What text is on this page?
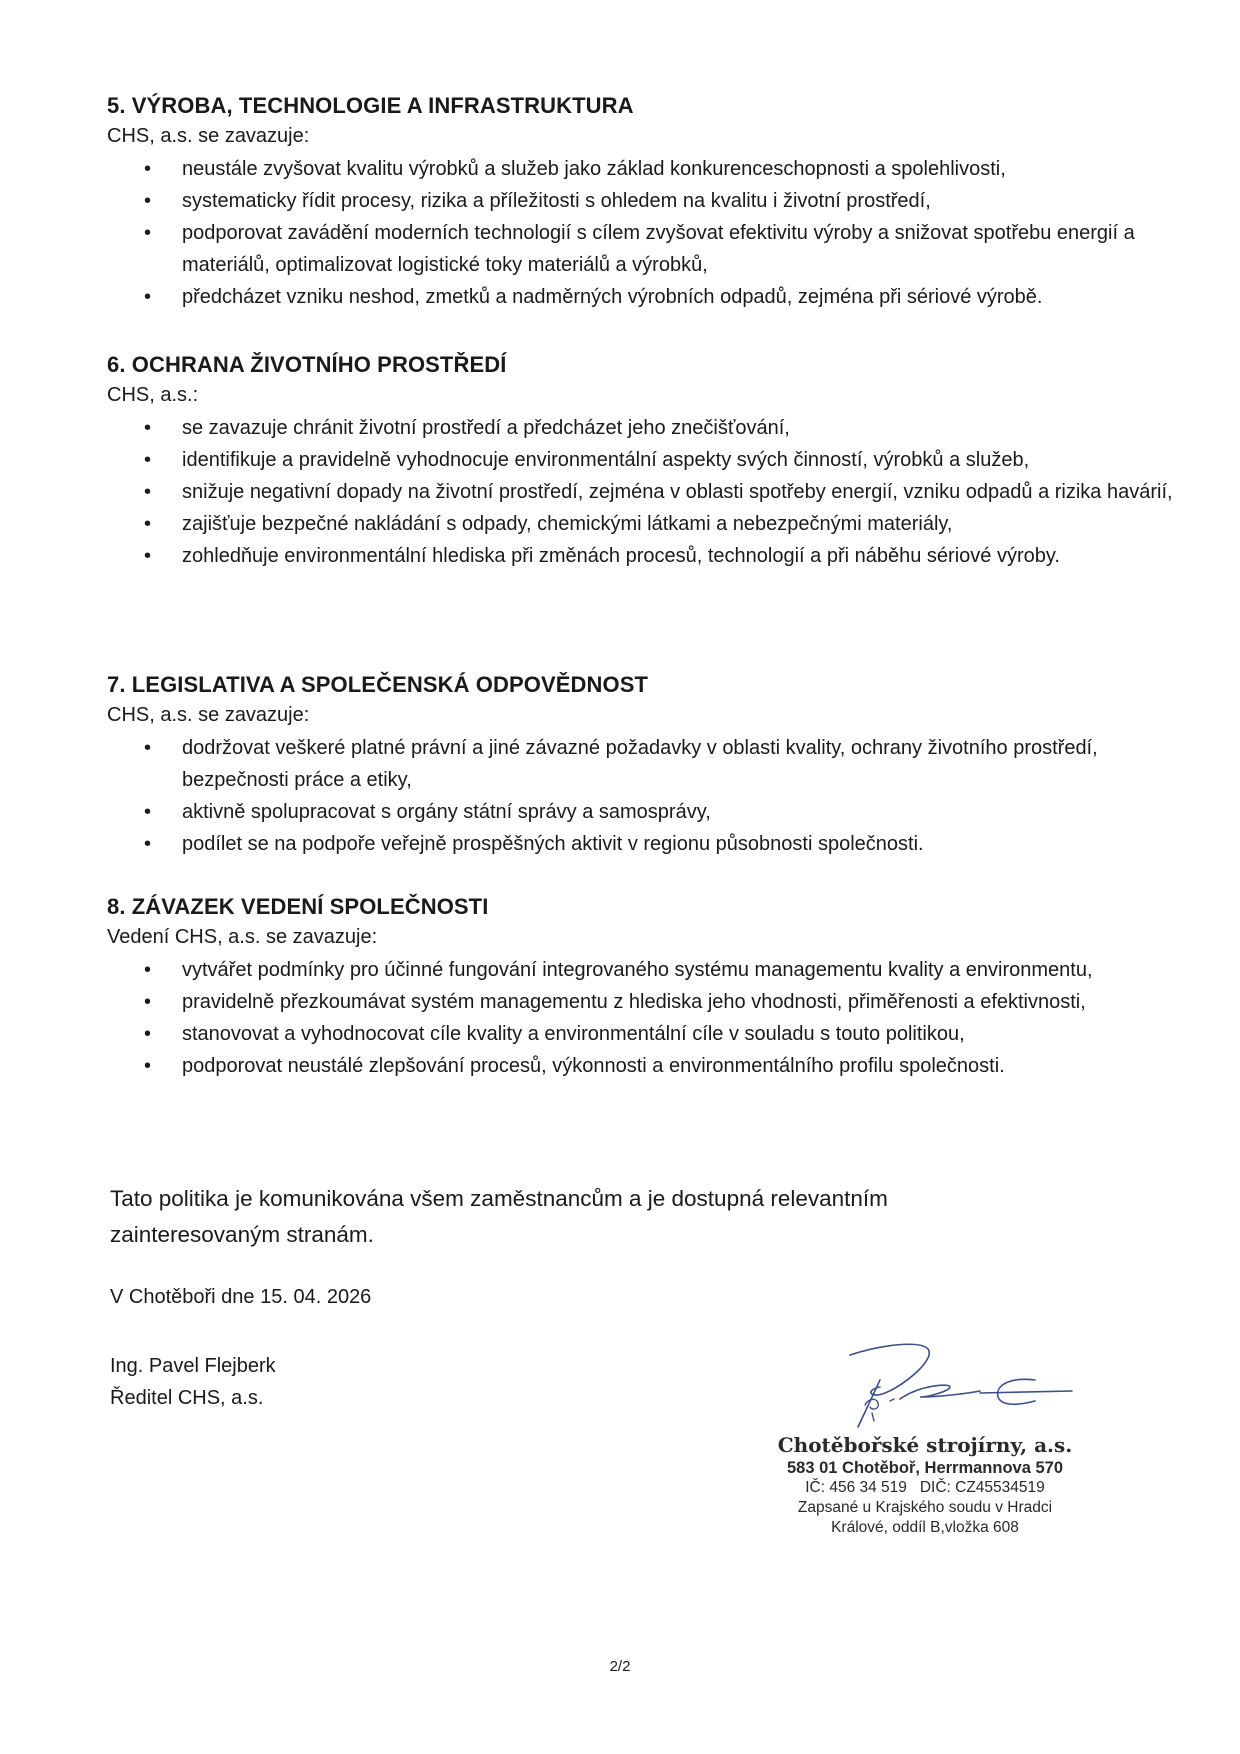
5. VÝROBA, TECHNOLOGIE A INFRASTRUKTURA

CHS, a.s. se zavazuje:

• neustále zvyšovat kvalitu výrobků a služeb jako základ konkurenceschopnosti a spolehlivosti,
• systematicky řídit procesy, rizika a příležitosti s ohledem na kvalitu i životní prostředí,
• podporovat zavádění moderních technologií s cílem zvyšovat efektivitu výroby a snižovat spotřebu energií a materiálů, optimalizovat logistické toky materiálů a výrobků,
• předcházet vzniku neshod, zmetků a nadměrných výrobních odpadů, zejména při sériové výrobě.
6. OCHRANA ŽIVOTNÍHO PROSTŘEDÍ

CHS, a.s.:

• se zavazuje chránit životní prostředí a předcházet jeho znečišťování,
• identifikuje a pravidelně vyhodnocuje environmentální aspekty svých činností, výrobků a služeb,
• snižuje negativní dopady na životní prostředí, zejména v oblasti spotřeby energií, vzniku odpadů a rizika havárií,
• zajišťuje bezpečné nakládání s odpady, chemickými látkami a nebezpečnými materiály,
• zohledňuje environmentální hlediska při změnách procesů, technologií a při náběhu sériové výroby.
7. LEGISLATIVA A SPOLEČENSKÁ ODPOVĚDNOST

CHS, a.s. se zavazuje:

• dodržovat veškeré platné právní a jiné závazné požadavky v oblasti kvality, ochrany životního prostředí, bezpečnosti práce a etiky,
• aktivně spolupracovat s orgány státní správy a samosprávy,
• podílet se na podpoře veřejně prospěšných aktivit v regionu působnosti společnosti.
8. ZÁVAZEK VEDENÍ SPOLEČNOSTI

Vedení CHS, a.s. se zavazuje:

• vytvářet podmínky pro účinné fungování integrovaného systému managementu kvality a environmentu,
• pravidelně přezkoumávat systém managementu z hlediska jeho vhodnosti, přiměřenosti a efektivnosti,
• stanovovat a vyhodnocovat cíle kvality a environmentální cíle v souladu s touto politikou,
• podporovat neustálé zlepšování procesů, výkonnosti a environmentálního profilu společnosti.

Tato politika je komunikována všem zaměstnancům a je dostupná relevantním zainteresovaným stranám.

V Chotěboři dne 15. 04. 2026
Ing. Pavel Flejberk
Ředitel CHS, a.s.
Chotěbořské strojírny, a.s.
583 01 Chotěboř, Herrmannova 570
IČ: 456 34 519   DIČ: CZ45534519
Zapsané u Krajského soudu v Hradci
Králové, oddíl B,vložka 608
2/2
